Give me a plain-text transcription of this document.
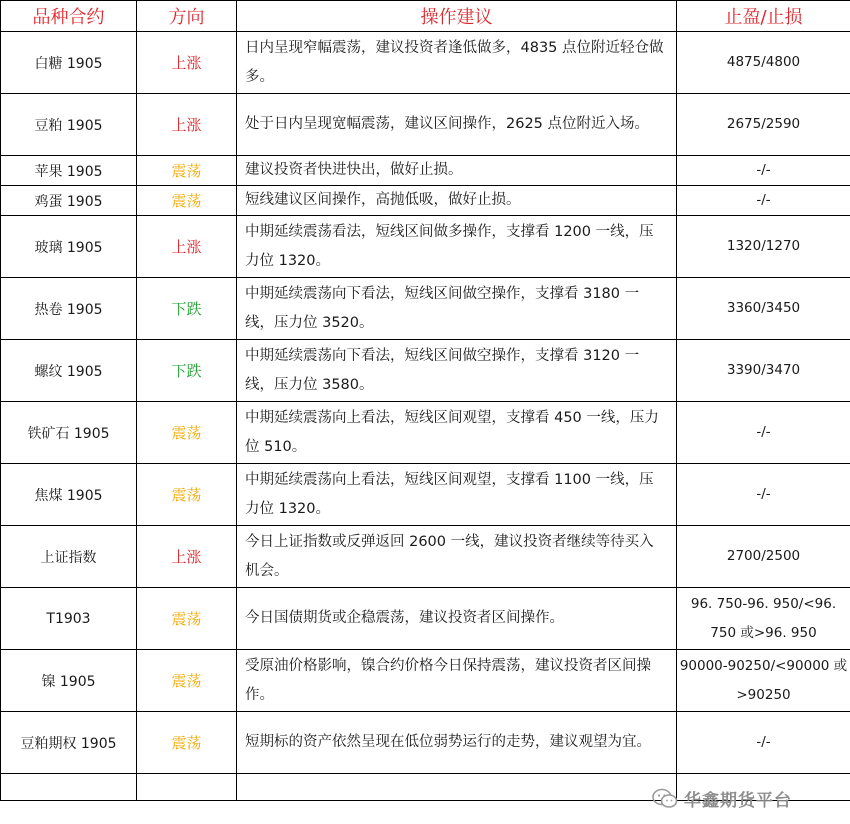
品种合约	方向	操作建议	止盈/止损
白糖 1905	上涨	日内呈现窄幅震荡，建议投资者逢低做多，4835 点位附近轻仓做多。	4875/4800
豆粕 1905	上涨	处于日内呈现宽幅震荡，建议区间操作，2625 点位附近入场。	2675/2590
苹果 1905	震荡	建议投资者快进快出，做好止损。	-/-
鸡蛋 1905	震荡	短线建议区间操作，高抛低吸，做好止损。	-/-
玻璃 1905	上涨	中期延续震荡看法，短线区间做多操作，支撑看 1200 一线，压力位 1320。	1320/1270
热卷 1905	下跌	中期延续震荡向下看法，短线区间做空操作，支撑看 3180 一线，压力位 3520。	3360/3450
螺纹 1905	下跌	中期延续震荡向下看法，短线区间做空操作，支撑看 3120 一线，压力位 3580。	3390/3470
铁矿石 1905	震荡	中期延续震荡向上看法，短线区间观望，支撑看 450 一线，压力位 510。	-/-
焦煤 1905	震荡	中期延续震荡向上看法，短线区间观望，支撑看 1100 一线，压力位 1320。	-/-
上证指数	上涨	今日上证指数或反弹返回 2600 一线，建议投资者继续等待买入机会。	2700/2500
T1903	震荡	今日国债期货或企稳震荡，建议投资者区间操作。	96. 750-96. 950/<96. 750 或>96. 950
镍 1905	震荡	受原油价格影响，镍合约价格今日保持震荡，建议投资者区间操作。	90000-90250/<90000 或>90250
豆粕期权 1905	震荡	短期标的资产依然呈现在低位弱势运行的走势，建议观望为宜。	-/-

华鑫期货平台
